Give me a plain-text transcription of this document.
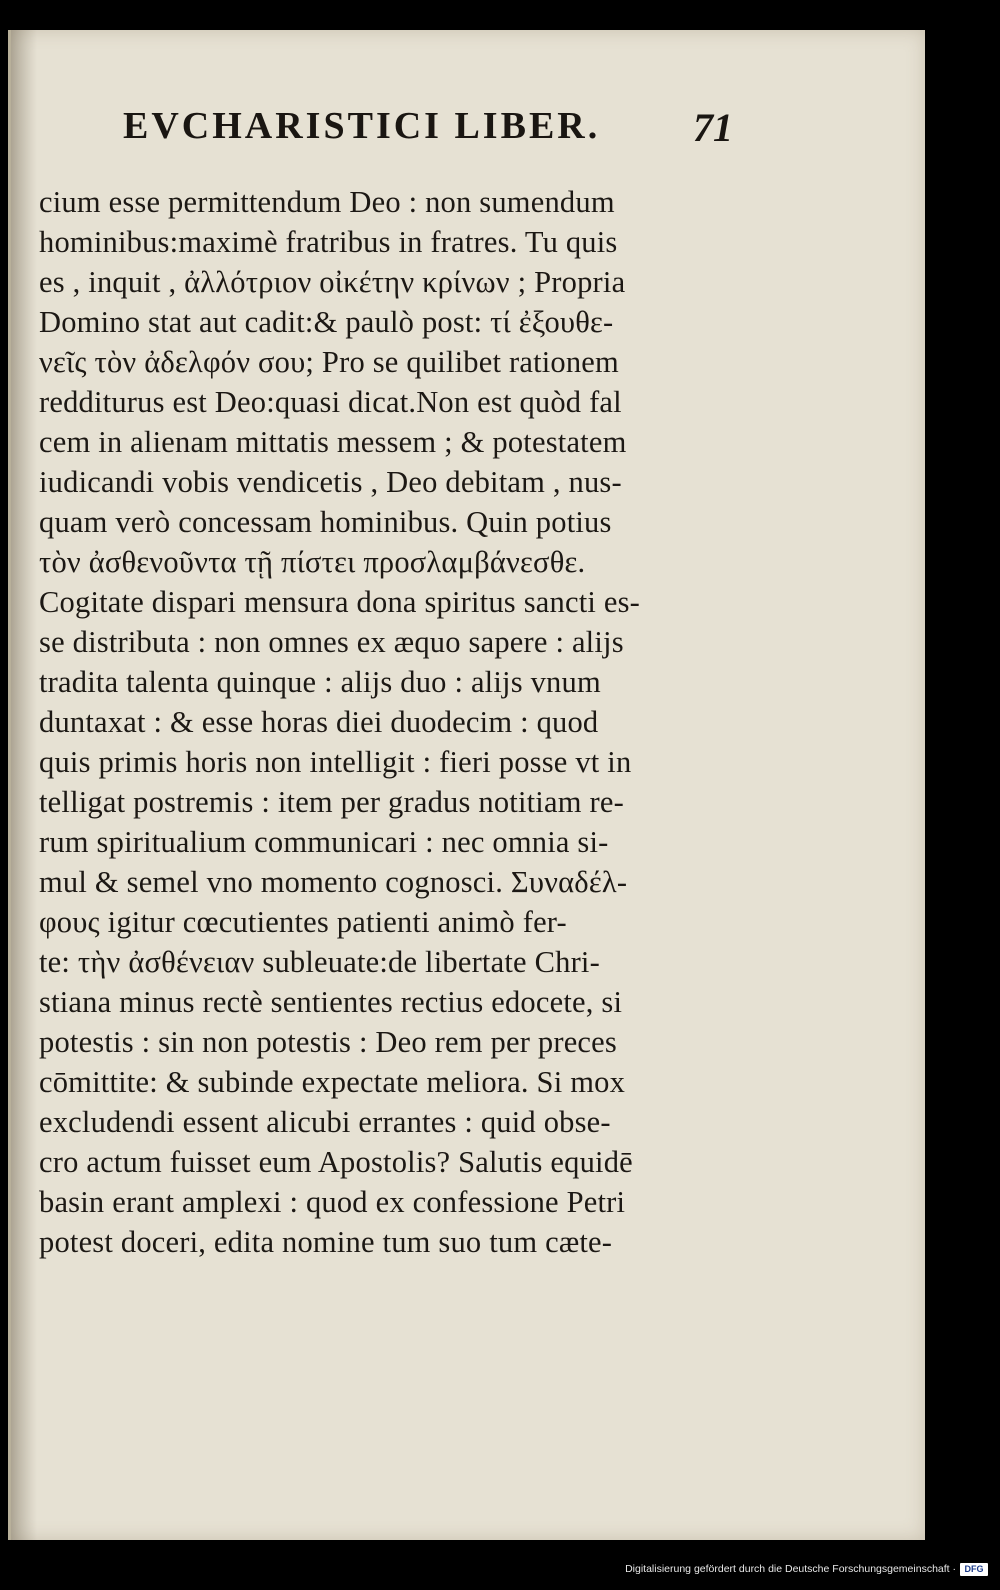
EVCHARISTICI LIBER. 71
cium esse permittendum Deo : non sumendum
hominibus:maximè fratribus in fratres. Tu quis
es , inquit , ἀλλότριον οἰκέτην κρίνων ; Propria
Domino stat aut cadit:& paulò post: τί ἐξουθε-
νεῖς τὸν ἀδελφόν σου; Pro se quilibet rationem
redditurus est Deo:quasi dicat.Non est quòd fal
cem in alienam mittatis messem ; & potestatem
iudicandi vobis vendicetis , Deo debitam , nus-
quam verò concessam hominibus. Quin potius
τὸν ἀσθενοῦντα τῇ πίστει προσλαμβάνεσθε.
Cogitate dispari mensura dona spiritus sancti es-
se distributa : non omnes ex æquo sapere : alijs
tradita talenta quinque : alijs duo : alijs vnum
duntaxat : & esse horas diei duodecim : quod
quis primis horis non intelligit : fieri posse vt in
telligat postremis : item per gradus notitiam re-
rum spiritualium communicari : nec omnia si-
mul & semel vno momento cognosci. Συναδέλ-
φους igitur cœcutientes patienti animò fer-
te: τὴν ἀσθένειαν subleuate:de libertate Chri-
stiana minus rectè sentientes rectius edocete, si
potestis : sin non potestis : Deo rem per preces
cōmittite: & subinde expectate meliora. Si mox
excludendi essent alicubi errantes : quid obse-
cro actum fuisset eum Apostolis? Salutis equidē
basin erant amplexi : quod ex confessione Petri
potest doceri, edita nomine tum suo tum cæte-
Digitalisierung gefördert durch die Deutsche Forschungsgemeinschaft · DFG
